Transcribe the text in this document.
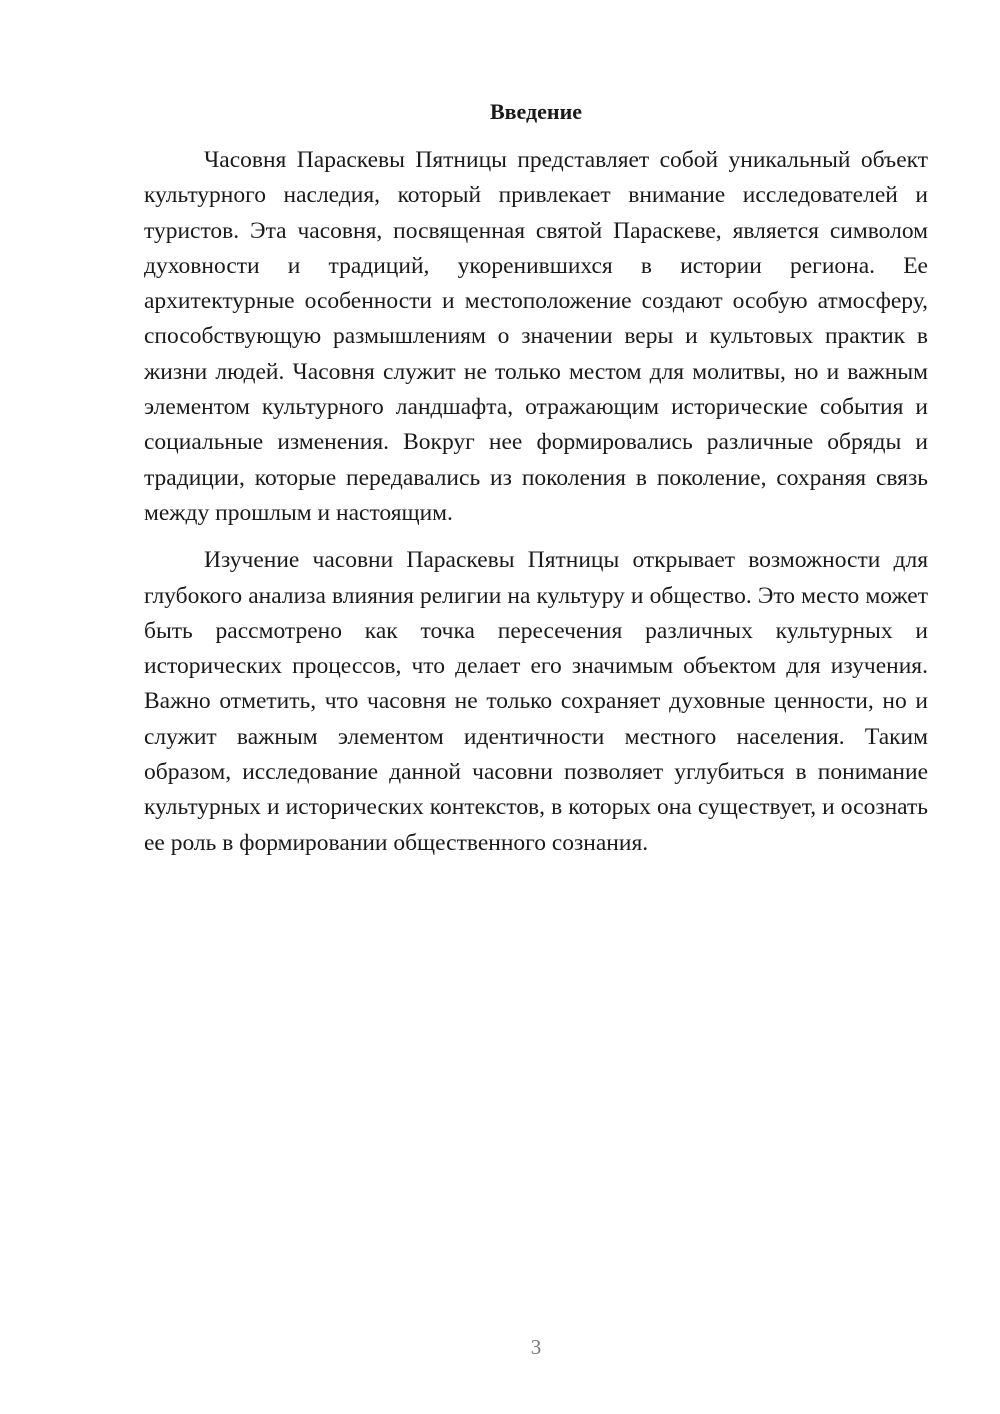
Введение

Часовня Параскевы Пятницы представляет собой уникальный объект культурного наследия, который привлекает внимание исследователей и туристов. Эта часовня, посвященная святой Параскеве, является символом духовности и традиций, укоренившихся в истории региона. Ее архитектурные особенности и местоположение создают особую атмосферу, способствующую размышлениям о значении веры и культовых практик в жизни людей. Часовня служит не только местом для молитвы, но и важным элементом культурного ландшафта, отражающим исторические события и социальные изменения. Вокруг нее формировались различные обряды и традиции, которые передавались из поколения в поколение, сохраняя связь между прошлым и настоящим.

Изучение часовни Параскевы Пятницы открывает возможности для глубокого анализа влияния религии на культуру и общество. Это место может быть рассмотрено как точка пересечения различных культурных и исторических процессов, что делает его значимым объектом для изучения. Важно отметить, что часовня не только сохраняет духовные ценности, но и служит важным элементом идентичности местного населения. Таким образом, исследование данной часовни позволяет углубиться в понимание культурных и исторических контекстов, в которых она существует, и осознать ее роль в формировании общественного сознания.

3
